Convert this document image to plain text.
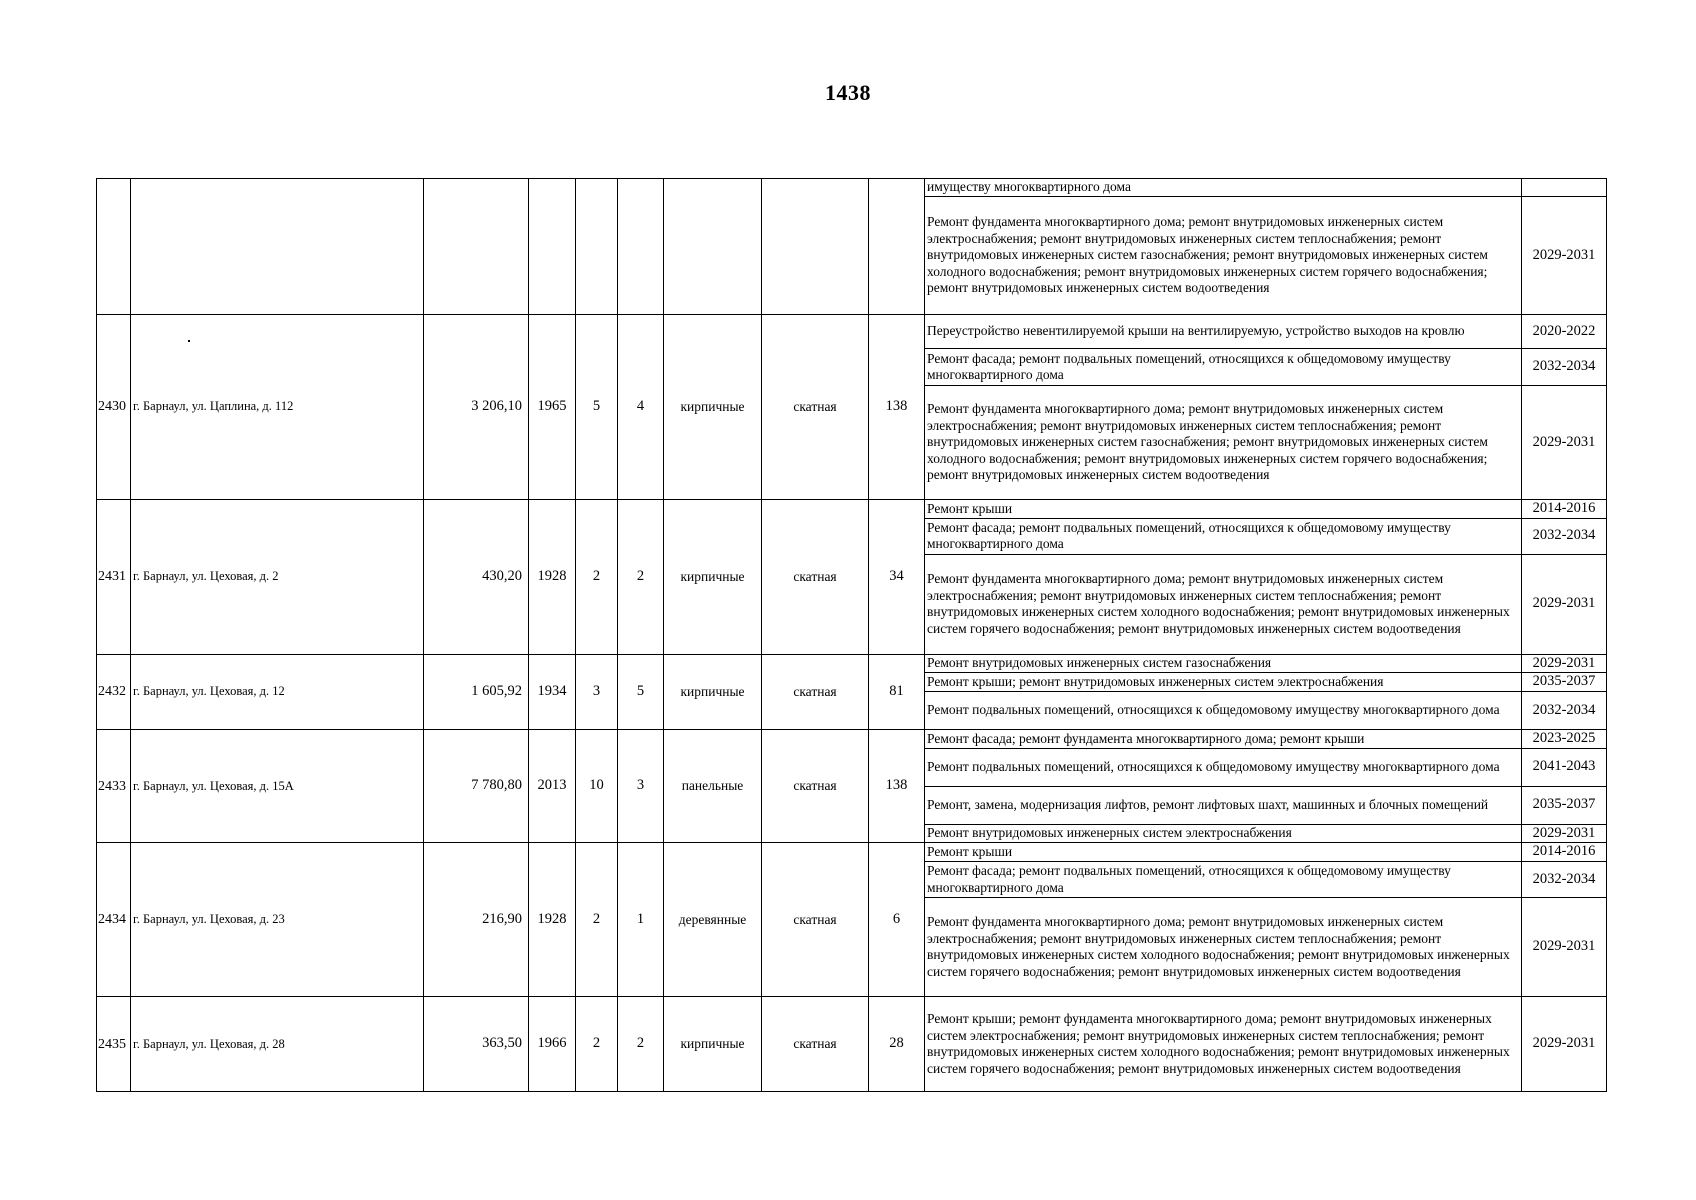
1438
									имуществу многоквартирного дома	
									Ремонт фундамента многоквартирного дома; ремонт внутридомовых инженерных систем электроснабжения; ремонт внутридомовых инженерных систем теплоснабжения; ремонт внутридомовых инженерных систем газоснабжения; ремонт внутридомовых инженерных систем холодного водоснабжения; ремонт внутридомовых инженерных систем горячего водоснабжения; ремонт внутридомовых инженерных систем водоотведения	2029-2031
2430	г. Барнаул, ул. Цаплина, д. 112	3 206,10	1965	5	4	кирпичные	скатная	138	Переустройство невентилируемой крыши на вентилируемую, устройство выходов на кровлю	2020-2022
									Ремонт фасада; ремонт подвальных помещений, относящихся к общедомовому имуществу многоквартирного дома	2032-2034
									Ремонт фундамента многоквартирного дома; ремонт внутридомовых инженерных систем электроснабжения; ремонт внутридомовых инженерных систем теплоснабжения; ремонт внутридомовых инженерных систем газоснабжения; ремонт внутридомовых инженерных систем холодного водоснабжения; ремонт внутридомовых инженерных систем горячего водоснабжения; ремонт внутридомовых инженерных систем водоотведения	2029-2031
2431	г. Барнаул, ул. Цеховая, д. 2	430,20	1928	2	2	кирпичные	скатная	34	Ремонт крыши	2014-2016
									Ремонт фасада; ремонт подвальных помещений, относящихся к общедомовому имуществу многоквартирного дома	2032-2034
									Ремонт фундамента многоквартирного дома; ремонт внутридомовых инженерных систем электроснабжения; ремонт внутридомовых инженерных систем теплоснабжения; ремонт внутридомовых инженерных систем холодного водоснабжения; ремонт внутридомовых инженерных систем горячего водоснабжения; ремонт внутридомовых инженерных систем водоотведения	2029-2031
2432	г. Барнаул, ул. Цеховая, д. 12	1 605,92	1934	3	5	кирпичные	скатная	81	Ремонт внутридомовых инженерных систем газоснабжения	2029-2031
									Ремонт крыши; ремонт внутридомовых инженерных систем электроснабжения	2035-2037
									Ремонт подвальных помещений, относящихся к общедомовому имуществу многоквартирного дома	2032-2034
2433	г. Барнаул, ул. Цеховая, д. 15А	7 780,80	2013	10	3	панельные	скатная	138	Ремонт фасада; ремонт фундамента многоквартирного дома; ремонт крыши	2023-2025
									Ремонт подвальных помещений, относящихся к общедомовому имуществу многоквартирного дома	2041-2043
									Ремонт, замена, модернизация лифтов, ремонт лифтовых шахт, машинных и блочных помещений	2035-2037
									Ремонт внутридомовых инженерных систем электроснабжения	2029-2031
2434	г. Барнаул, ул. Цеховая, д. 23	216,90	1928	2	1	деревянные	скатная	6	Ремонт крыши	2014-2016
									Ремонт фасада; ремонт подвальных помещений, относящихся к общедомовому имуществу многоквартирного дома	2032-2034
									Ремонт фундамента многоквартирного дома; ремонт внутридомовых инженерных систем электроснабжения; ремонт внутридомовых инженерных систем теплоснабжения; ремонт внутридомовых инженерных систем холодного водоснабжения; ремонт внутридомовых инженерных систем горячего водоснабжения; ремонт внутридомовых инженерных систем водоотведения	2029-2031
2435	г. Барнаул, ул. Цеховая, д. 28	363,50	1966	2	2	кирпичные	скатная	28	Ремонт крыши; ремонт фундамента многоквартирного дома; ремонт внутридомовых инженерных систем электроснабжения; ремонт внутридомовых инженерных систем теплоснабжения; ремонт внутридомовых инженерных систем холодного водоснабжения; ремонт внутридомовых инженерных систем горячего водоснабжения; ремонт внутридомовых инженерных систем водоотведения	2029-2031
